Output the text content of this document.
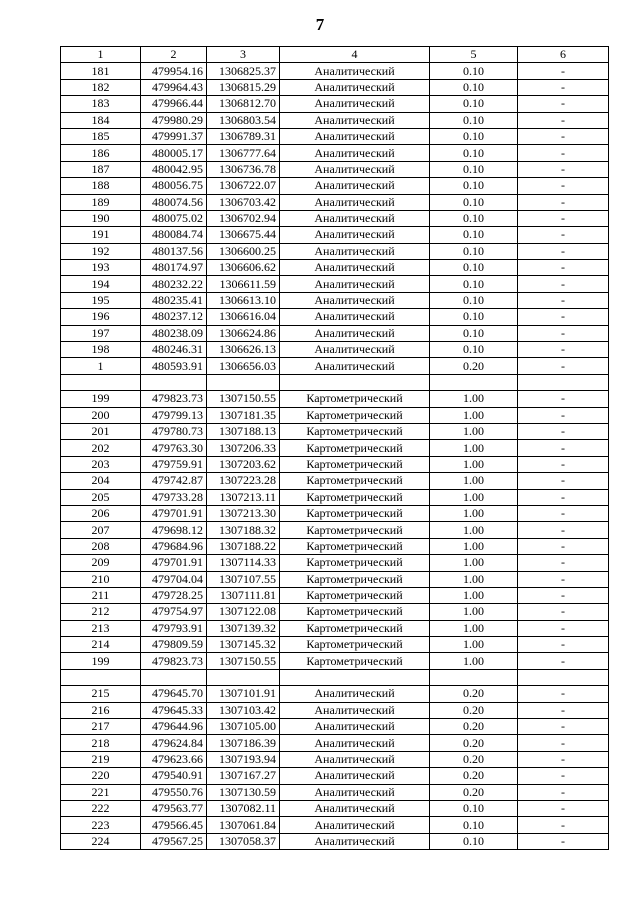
7
1	2	3	4	5	6
181	479954.16	1306825.37	Аналитический	0.10	-
182	479964.43	1306815.29	Аналитический	0.10	-
183	479966.44	1306812.70	Аналитический	0.10	-
184	479980.29	1306803.54	Аналитический	0.10	-
185	479991.37	1306789.31	Аналитический	0.10	-
186	480005.17	1306777.64	Аналитический	0.10	-
187	480042.95	1306736.78	Аналитический	0.10	-
188	480056.75	1306722.07	Аналитический	0.10	-
189	480074.56	1306703.42	Аналитический	0.10	-
190	480075.02	1306702.94	Аналитический	0.10	-
191	480084.74	1306675.44	Аналитический	0.10	-
192	480137.56	1306600.25	Аналитический	0.10	-
193	480174.97	1306606.62	Аналитический	0.10	-
194	480232.22	1306611.59	Аналитический	0.10	-
195	480235.41	1306613.10	Аналитический	0.10	-
196	480237.12	1306616.04	Аналитический	0.10	-
197	480238.09	1306624.86	Аналитический	0.10	-
198	480246.31	1306626.13	Аналитический	0.10	-
1	480593.91	1306656.03	Аналитический	0.20	-

199	479823.73	1307150.55	Картометрический	1.00	-
200	479799.13	1307181.35	Картометрический	1.00	-
201	479780.73	1307188.13	Картометрический	1.00	-
202	479763.30	1307206.33	Картометрический	1.00	-
203	479759.91	1307203.62	Картометрический	1.00	-
204	479742.87	1307223.28	Картометрический	1.00	-
205	479733.28	1307213.11	Картометрический	1.00	-
206	479701.91	1307213.30	Картометрический	1.00	-
207	479698.12	1307188.32	Картометрический	1.00	-
208	479684.96	1307188.22	Картометрический	1.00	-
209	479701.91	1307114.33	Картометрический	1.00	-
210	479704.04	1307107.55	Картометрический	1.00	-
211	479728.25	1307111.81	Картометрический	1.00	-
212	479754.97	1307122.08	Картометрический	1.00	-
213	479793.91	1307139.32	Картометрический	1.00	-
214	479809.59	1307145.32	Картометрический	1.00	-
199	479823.73	1307150.55	Картометрический	1.00	-

215	479645.70	1307101.91	Аналитический	0.20	-
216	479645.33	1307103.42	Аналитический	0.20	-
217	479644.96	1307105.00	Аналитический	0.20	-
218	479624.84	1307186.39	Аналитический	0.20	-
219	479623.66	1307193.94	Аналитический	0.20	-
220	479540.91	1307167.27	Аналитический	0.20	-
221	479550.76	1307130.59	Аналитический	0.20	-
222	479563.77	1307082.11	Аналитический	0.10	-
223	479566.45	1307061.84	Аналитический	0.10	-
224	479567.25	1307058.37	Аналитический	0.10	-
